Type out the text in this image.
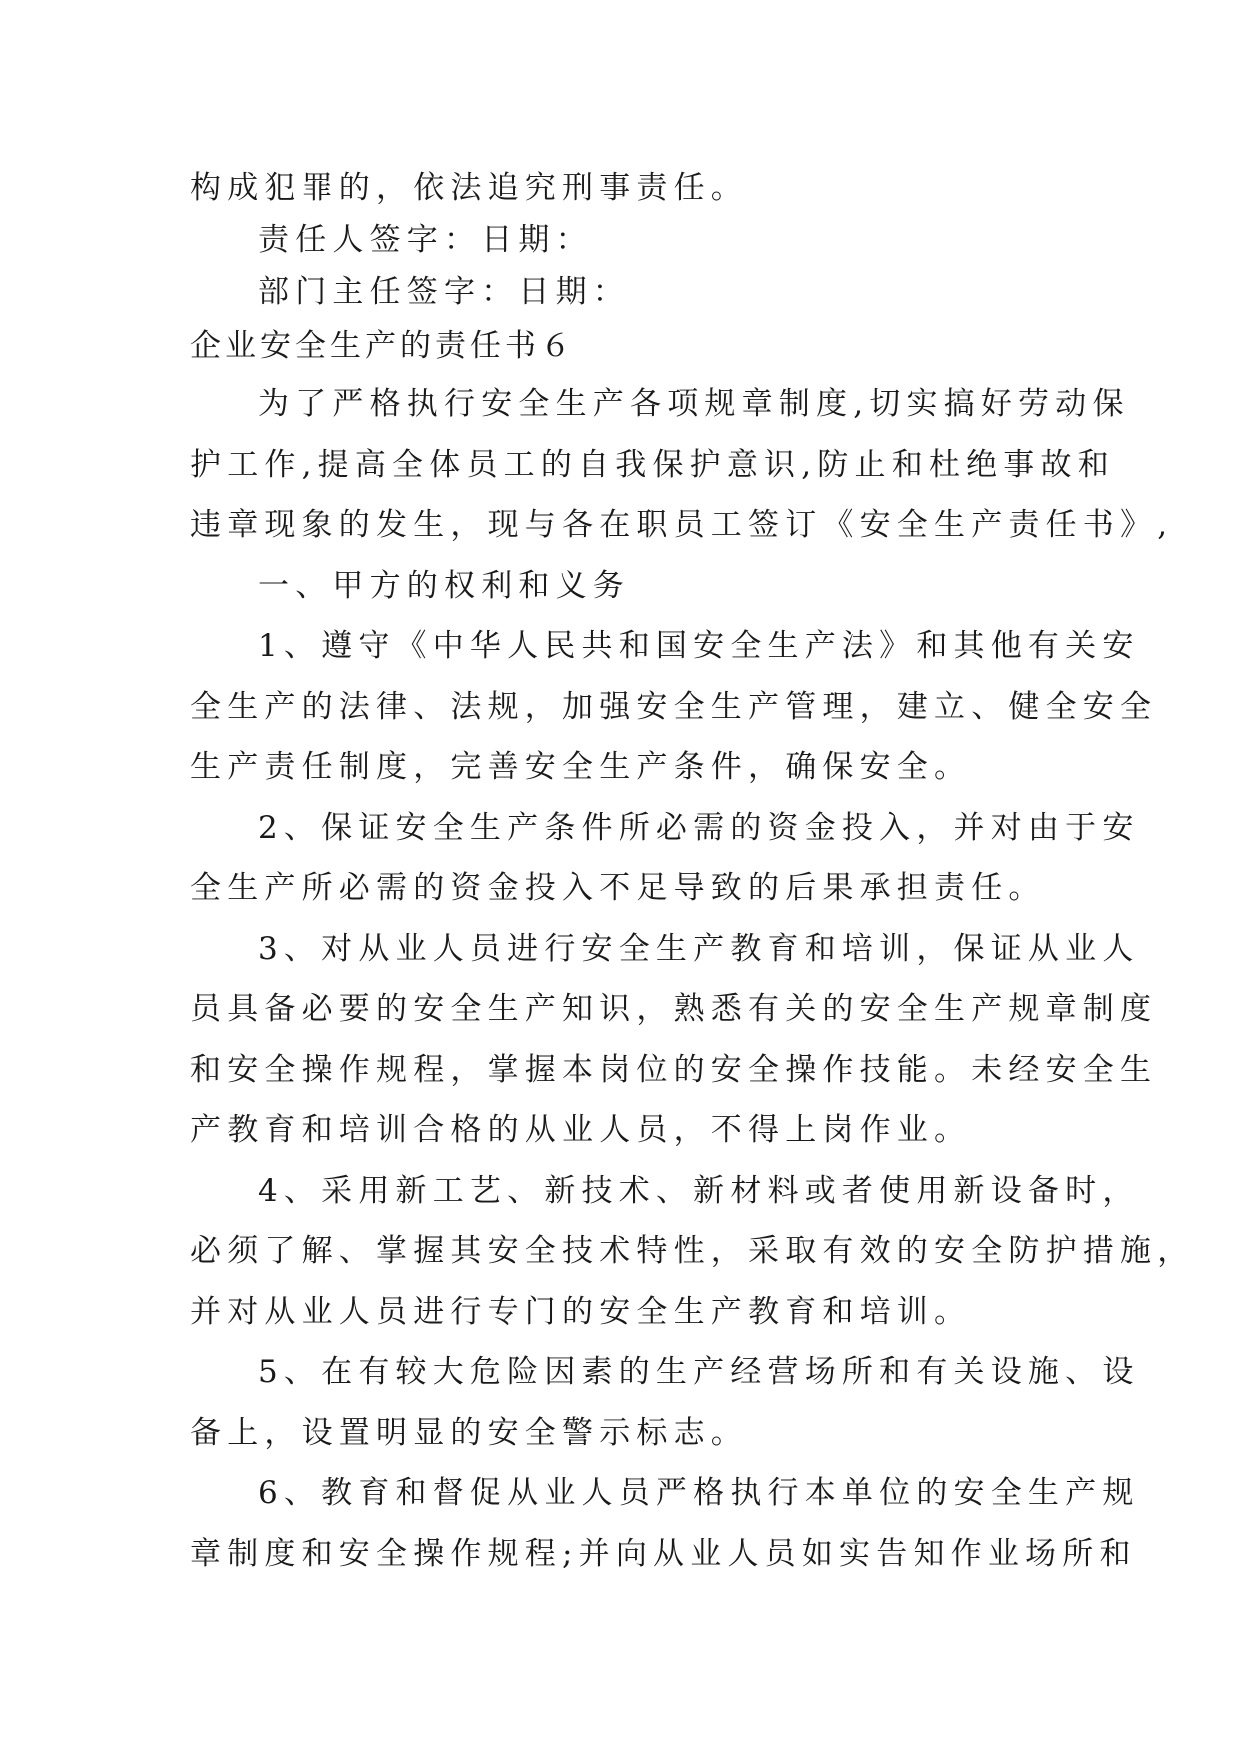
构成犯罪的，依法追究刑事责任。
责任人签字：日期：
部门主任签字：日期：
企业安全生产的责任书６
为了严格执行安全生产各项规章制度,切实搞好劳动保
护工作,提高全体员工的自我保护意识,防止和杜绝事故和
违章现象的发生，现与各在职员工签订《安全生产责任书》,
一、甲方的权利和义务
1、遵守《中华人民共和国安全生产法》和其他有关安
全生产的法律、法规，加强安全生产管理，建立、健全安全
生产责任制度，完善安全生产条件，确保安全。
2、保证安全生产条件所必需的资金投入，并对由于安
全生产所必需的资金投入不足导致的后果承担责任。
3、对从业人员进行安全生产教育和培训，保证从业人
员具备必要的安全生产知识，熟悉有关的安全生产规章制度
和安全操作规程，掌握本岗位的安全操作技能。未经安全生
产教育和培训合格的从业人员，不得上岗作业。
4、采用新工艺、新技术、新材料或者使用新设备时，
必须了解、掌握其安全技术特性，采取有效的安全防护措施，
并对从业人员进行专门的安全生产教育和培训。
5、在有较大危险因素的生产经营场所和有关设施、设
备上，设置明显的安全警示标志。
6、教育和督促从业人员严格执行本单位的安全生产规
章制度和安全操作规程;并向从业人员如实告知作业场所和
